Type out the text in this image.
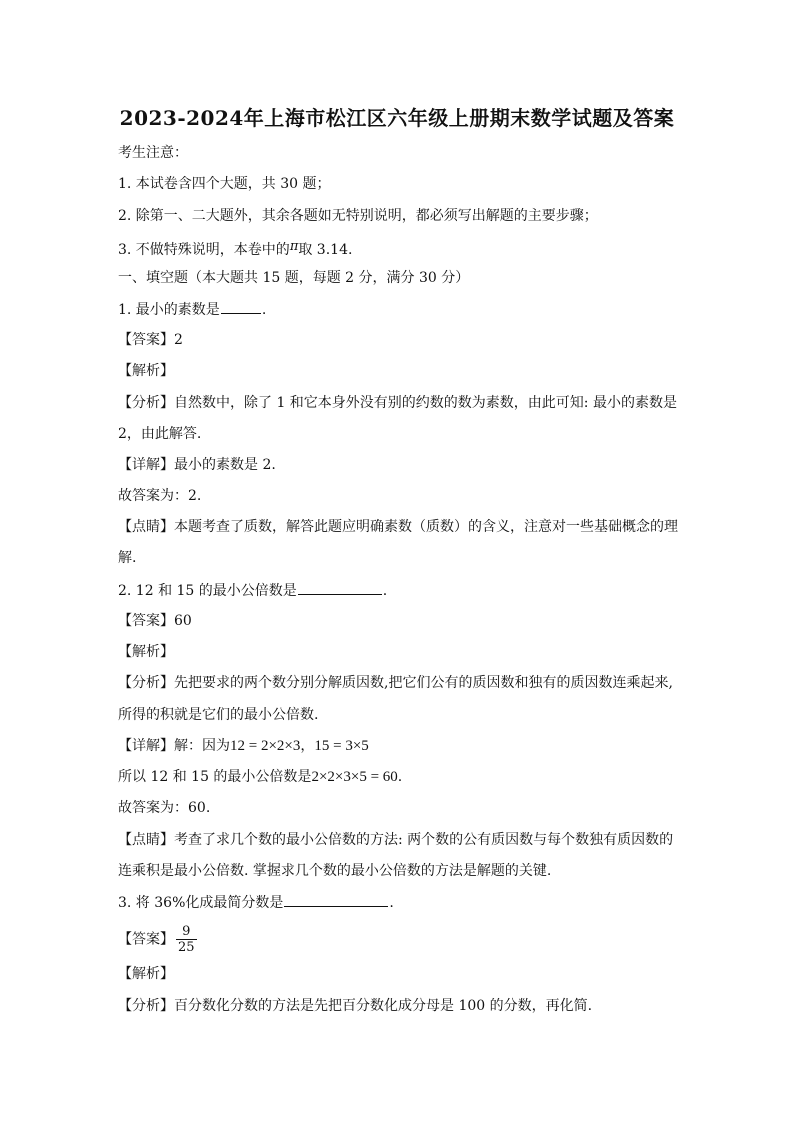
2023-2024年上海市松江区六年级上册期末数学试题及答案
考生注意：
1. 本试卷含四个大题，共 30 题；
2. 除第一、二大题外，其余各题如无特别说明，都必须写出解题的主要步骤；
3. 不做特殊说明，本卷中的π取 3.14.
一、填空题（本大题共 15 题，每题 2 分，满分 30 分）
1. 最小的素数是	.
【答案】2
【解析】
【分析】自然数中，除了 1 和它本身外没有别的约数的数为素数，由此可知: 最小的素数是
2，由此解答.
【详解】最小的素数是 2.
故答案为：2.
【点睛】本题考查了质数，解答此题应明确素数（质数）的含义，注意对一些基础概念的理
解.
2. 12 和 15 的最小公倍数是	.
【答案】60
【解析】
【分析】先把要求的两个数分别分解质因数,把它们公有的质因数和独有的质因数连乘起来,
所得的积就是它们的最小公倍数.
【详解】解：因为12 = 2×2×3，15 = 3×5
所以 12 和 15 的最小公倍数是2×2×3×5 = 60.
故答案为：60.
【点睛】考查了求几个数的最小公倍数的方法: 两个数的公有质因数与每个数独有质因数的
连乘积是最小公倍数. 掌握求几个数的最小公倍数的方法是解题的关键.
3. 将 36%化成最简分数是	.
【答案】 $\frac{9}{25}$
【解析】
【分析】百分数化分数的方法是先把百分数化成分母是 100 的分数，再化简.
